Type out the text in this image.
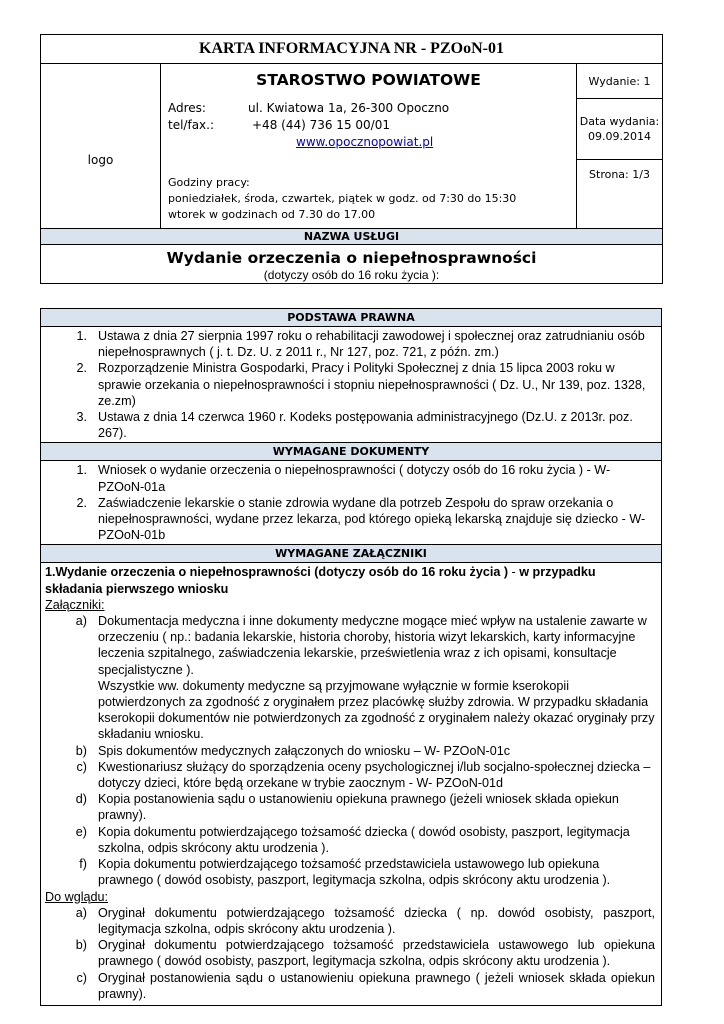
KARTA INFORMACYJNA NR - PZOoN-01
logo	
STAROSTWO POWIATOWE
Adres:	ul. Kwiatowa 1a, 26-300 Opoczno
tel/fax.:	+48 (44) 736 15 00/01
www.opocznopowiat.pl
Godziny pracy:
poniedziałek, środa, czwartek, piątek w godz. od 7:30 do 15:30
wtorek w godzinach od 7.30 do 17.00
	Wydanie: 1

Data wydania:
09.09.2014

Strona: 1/3
NAZWA USŁUGI

Wydanie orzeczenia o niepełnosprawności
(dotyczy osób do 16 roku życia ):
PODSTAWA PRAWNA

1. Ustawa z dnia 27 sierpnia 1997 roku o rehabilitacji zawodowej i społecznej oraz zatrudnianiu osób niepełnosprawnych ( j. t. Dz. U. z 2011 r., Nr 127, poz. 721, z późn. zm.)
2. Rozporządzenie Ministra Gospodarki, Pracy i Polityki Społecznej z dnia 15 lipca 2003 roku w sprawie orzekania o niepełnosprawności i stopniu niepełnosprawności ( Dz. U., Nr 139, poz. 1328, ze.zm)
3. Ustawa z dnia 14 czerwca 1960 r. Kodeks postępowania administracyjnego (Dz.U. z 2013r. poz. 267).

WYMAGANE DOKUMENTY

1. Wniosek o wydanie orzeczenia o niepełnosprawności ( dotyczy osób do 16 roku życia ) - W- PZOoN-01a
2. Zaświadczenie lekarskie o stanie zdrowia wydane dla potrzeb Zespołu do spraw orzekania o niepełnosprawności, wydane przez lekarza, pod którego opieką lekarską znajduje się dziecko - W- PZOoN-01b

WYMAGANE ZAŁĄCZNIKI

1.Wydanie orzeczenia o niepełnosprawności (dotyczy osób do 16 roku życia ) - w przypadku składania pierwszego wniosku
Załączniki:
a. Dokumentacja medyczna i inne dokumenty medyczne mogące mieć wpływ na ustalenie zawarte w orzeczeniu ( np.: badania lekarskie, historia choroby, historia wizyt lekarskich, karty informacyjne leczenia szpitalnego, zaświadczenia lekarskie, prześwietlenia wraz z ich opisami, konsultacje specjalistyczne ).

Wszystkie ww. dokumenty medyczne są przyjmowane wyłącznie w formie kserokopii potwierdzonych za zgodność z oryginałem przez placówkę służby zdrowia. W przypadku składania kserokopii dokumentów nie potwierdzonych za zgodność z oryginałem należy okazać oryginały przy składaniu wniosku.

b. Spis dokumentów medycznych załączonych do wniosku – W- PZOoN-01c
c. Kwestionariusz służący do sporządzenia oceny psychologicznej i/lub socjalno-społecznej dziecka – dotyczy dzieci, które będą orzekane w trybie zaocznym - W- PZOoN-01d
d. Kopia postanowienia sądu o ustanowieniu opiekuna prawnego (jeżeli wniosek składa opiekun prawny).
e. Kopia dokumentu potwierdzającego tożsamość dziecka ( dowód osobisty, paszport, legitymacja szkolna, odpis skrócony aktu urodzenia ).
f. Kopia dokumentu potwierdzającego tożsamość przedstawiciela ustawowego lub opiekuna prawnego ( dowód osobisty, paszport, legitymacja szkolna, odpis skrócony aktu urodzenia ).
Do wglądu:
a. Oryginał dokumentu potwierdzającego tożsamość dziecka ( np. dowód osobisty, paszport, legitymacja szkolna, odpis skrócony aktu urodzenia ).
b. Oryginał dokumentu potwierdzającego tożsamość przedstawiciela ustawowego lub opiekuna prawnego ( dowód osobisty, paszport, legitymacja szkolna, odpis skrócony aktu urodzenia ).
c. Oryginał postanowienia sądu o ustanowieniu opiekuna prawnego ( jeżeli wniosek składa opiekun prawny).
